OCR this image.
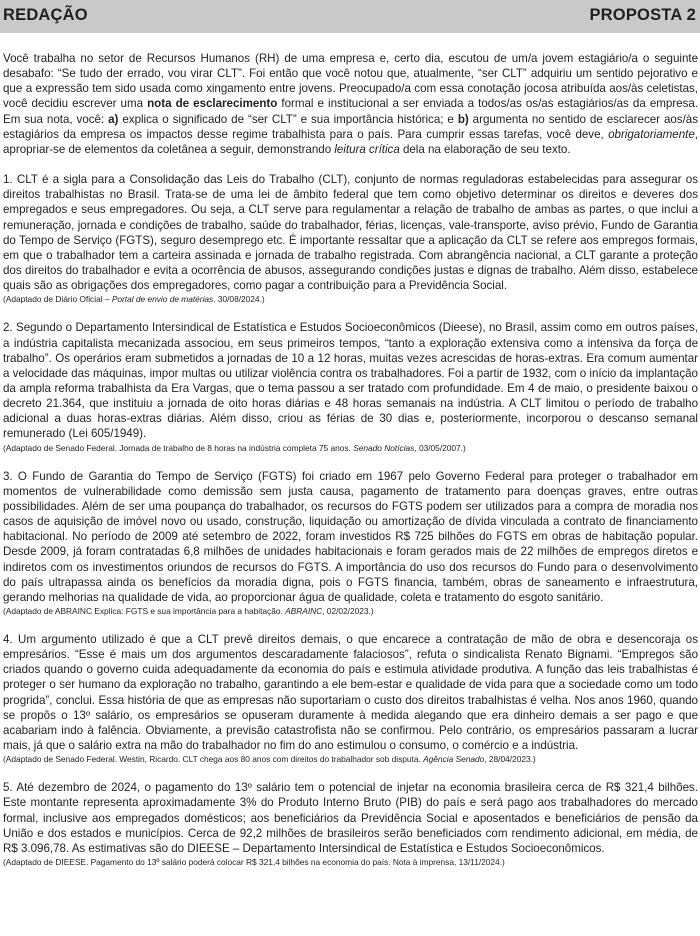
REDAÇÃO	PROPOSTA 2

Você trabalha no setor de Recursos Humanos (RH) de uma empresa e, certo dia, escutou de um/a jovem estagiário/a o seguinte desabafo: “Se tudo der errado, vou virar CLT”. Foi então que você notou que, atualmente, “ser CLT” adquiriu um sentido pejorativo e que a expressão tem sido usada como xingamento entre jovens. Preocupado/a com essa conotação jocosa atribuída aos/às celetistas, você decidiu escrever uma nota de esclarecimento formal e institucional a ser enviada a todos/as os/as estagiários/as da empresa. Em sua nota, você: a) explica o significado de “ser CLT” e sua importância histórica; e b) argumenta no sentido de esclarecer aos/às estagiários da empresa os impactos desse regime trabalhista para o país. Para cumprir essas tarefas, você deve, obrigatoriamente, apropriar-se de elementos da coletânea a seguir, demonstrando leitura crítica dela na elaboração de seu texto.

1. CLT é a sigla para a Consolidação das Leis do Trabalho (CLT), conjunto de normas reguladoras estabelecidas para assegurar os direitos trabalhistas no Brasil. Trata-se de uma lei de âmbito federal que tem como objetivo determinar os direitos e deveres dos empregados e seus empregadores. Ou seja, a CLT serve para regulamentar a relação de trabalho de ambas as partes, o que inclui a remuneração, jornada e condições de trabalho, saúde do trabalhador, férias, licenças, vale-transporte, aviso prévio, Fundo de Garantia do Tempo de Serviço (FGTS), seguro desemprego etc. É importante ressaltar que a aplicação da CLT se refere aos empregos formais, em que o trabalhador tem a carteira assinada e jornada de trabalho registrada. Com abrangência nacional, a CLT garante a proteção dos direitos do trabalhador e evita a ocorrência de abusos, assegurando condições justas e dignas de trabalho. Além disso, estabelece quais são as obrigações dos empregadores, como pagar a contribuição para a Previdência Social.

(Adaptado de Diário Oficial – Portal de envio de matérias. 30/08/2024.)

2. Segundo o Departamento Intersindical de Estatística e Estudos Socioeconômicos (Dieese), no Brasil, assim como em outros países, a indústria capitalista mecanizada associou, em seus primeiros tempos, “tanto a exploração extensiva como a intensiva da força de trabalho”. Os operários eram submetidos a jornadas de 10 a 12 horas, muitas vezes acrescidas de horas-extras. Era comum aumentar a velocidade das máquinas, impor multas ou utilizar violência contra os trabalhadores. Foi a partir de 1932, com o início da implantação da ampla reforma trabalhista da Era Vargas, que o tema passou a ser tratado com profundidade. Em 4 de maio, o presidente baixou o decreto 21.364, que instituiu a jornada de oito horas diárias e 48 horas semanais na indústria. A CLT limitou o período de trabalho adicional a duas horas-extras diárias. Além disso, criou as férias de 30 dias e, posteriormente, incorporou o descanso semanal remunerado (Lei 605/1949).

(Adaptado de Senado Federal. Jornada de trabalho de 8 horas na indústria completa 75 anos. Senado Notícias, 03/05/2007.)

3. O Fundo de Garantia do Tempo de Serviço (FGTS) foi criado em 1967 pelo Governo Federal para proteger o trabalhador em momentos de vulnerabilidade como demissão sem justa causa, pagamento de tratamento para doenças graves, entre outras possibilidades. Além de ser uma poupança do trabalhador, os recursos do FGTS podem ser utilizados para a compra de moradia nos casos de aquisição de imóvel novo ou usado, construção, liquidação ou amortização de dívida vinculada a contrato de financiamento habitacional. No período de 2009 até setembro de 2022, foram investidos R$ 725 bilhões do FGTS em obras de habitação popular. Desde 2009, já foram contratadas 6,8 milhões de unidades habitacionais e foram gerados mais de 22 milhões de empregos diretos e indiretos com os investimentos oriundos de recursos do FGTS. A importância do uso dos recursos do Fundo para o desenvolvimento do país ultrapassa ainda os benefícios da moradia digna, pois o FGTS financia, também, obras de saneamento e infraestrutura, gerando melhorias na qualidade de vida, ao proporcionar água de qualidade, coleta e tratamento do esgoto sanitário.

(Adaptado de ABRAINC Explica: FGTS e sua importância para a habitação. ABRAINC, 02/02/2023.)

4. Um argumento utilizado é que a CLT prevê direitos demais, o que encarece a contratação de mão de obra e desencoraja os empresários. “Esse é mais um dos argumentos descaradamente falaciosos”, refuta o sindicalista Renato Bignami. “Empregos são criados quando o governo cuida adequadamente da economia do país e estimula atividade produtiva. A função das leis trabalhistas é proteger o ser humano da exploração no trabalho, garantindo a ele bem-estar e qualidade de vida para que a sociedade como um todo progrida”, conclui. Essa história de que as empresas não suportariam o custo dos direitos trabalhistas é velha. Nos anos 1960, quando se propôs o 13º salário, os empresários se opuseram duramente à medida alegando que era dinheiro demais a ser pago e que acabariam indo à falência. Obviamente, a previsão catastrofista não se confirmou. Pelo contrário, os empresários passaram a lucrar mais, já que o salário extra na mão do trabalhador no fim do ano estimulou o consumo, o comércio e a indústria.

(Adaptado de Senado Federal. Westin, Ricardo. CLT chega aos 80 anos com direitos do trabalhador sob disputa. Agência Senado, 28/04/2023.)

5. Até dezembro de 2024, o pagamento do 13º salário tem o potencial de injetar na economia brasileira cerca de R$ 321,4 bilhões. Este montante representa aproximadamente 3% do Produto Interno Bruto (PIB) do país e será pago aos trabalhadores do mercado formal, inclusive aos empregados domésticos; aos beneficiários da Previdência Social e aposentados e beneficiários de pensão da União e dos estados e municípios. Cerca de 92,2 milhões de brasileiros serão beneficiados com rendimento adicional, em média, de R$ 3.096,78. As estimativas são do DIEESE – Departamento Intersindical de Estatística e Estudos Socioeconômicos.

(Adaptado de DIEESE. Pagamento do 13º salário poderá colocar R$ 321,4 bilhões na economia do país. Nota à imprensa, 13/11/2024.)
